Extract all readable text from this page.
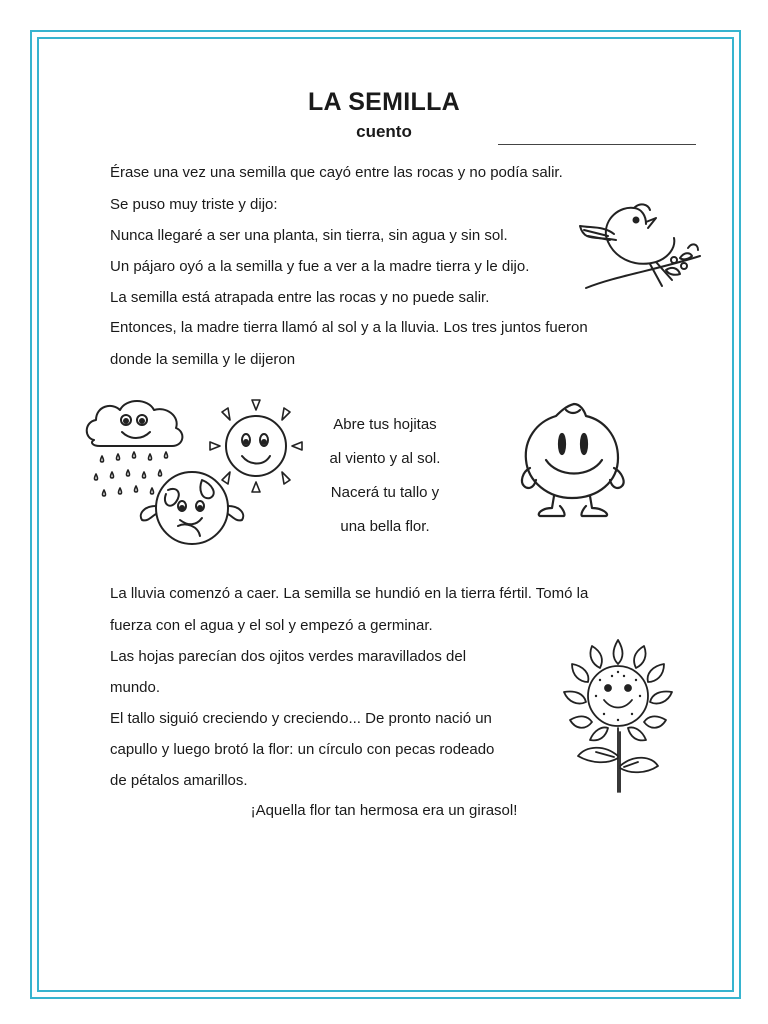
LA SEMILLA
cuento
Érase una vez una semilla que cayó entre las rocas y no podía salir.
Se puso muy triste y dijo:
Nunca llegaré a ser una planta, sin tierra, sin agua y sin sol.
Un pájaro oyó a la semilla y fue a ver a la madre tierra y le dijo.
La semilla está atrapada entre las rocas y no puede salir.
Entonces, la madre tierra llamó al sol y a la lluvia. Los tres juntos fueron
donde la semilla y le dijeron
Abre tus hojitas
al viento y al sol.
Nacerá tu tallo y
una bella flor.
La lluvia comenzó a caer. La semilla se hundió en la tierra fértil. Tomó la
fuerza con el agua y el sol y empezó a germinar.
Las hojas parecían dos ojitos verdes maravillados del
mundo.
El tallo siguió creciendo y creciendo... De pronto nació un
capullo y luego brotó la flor: un círculo con pecas rodeado
de pétalos amarillos.
¡Aquella flor tan hermosa era un girasol!
